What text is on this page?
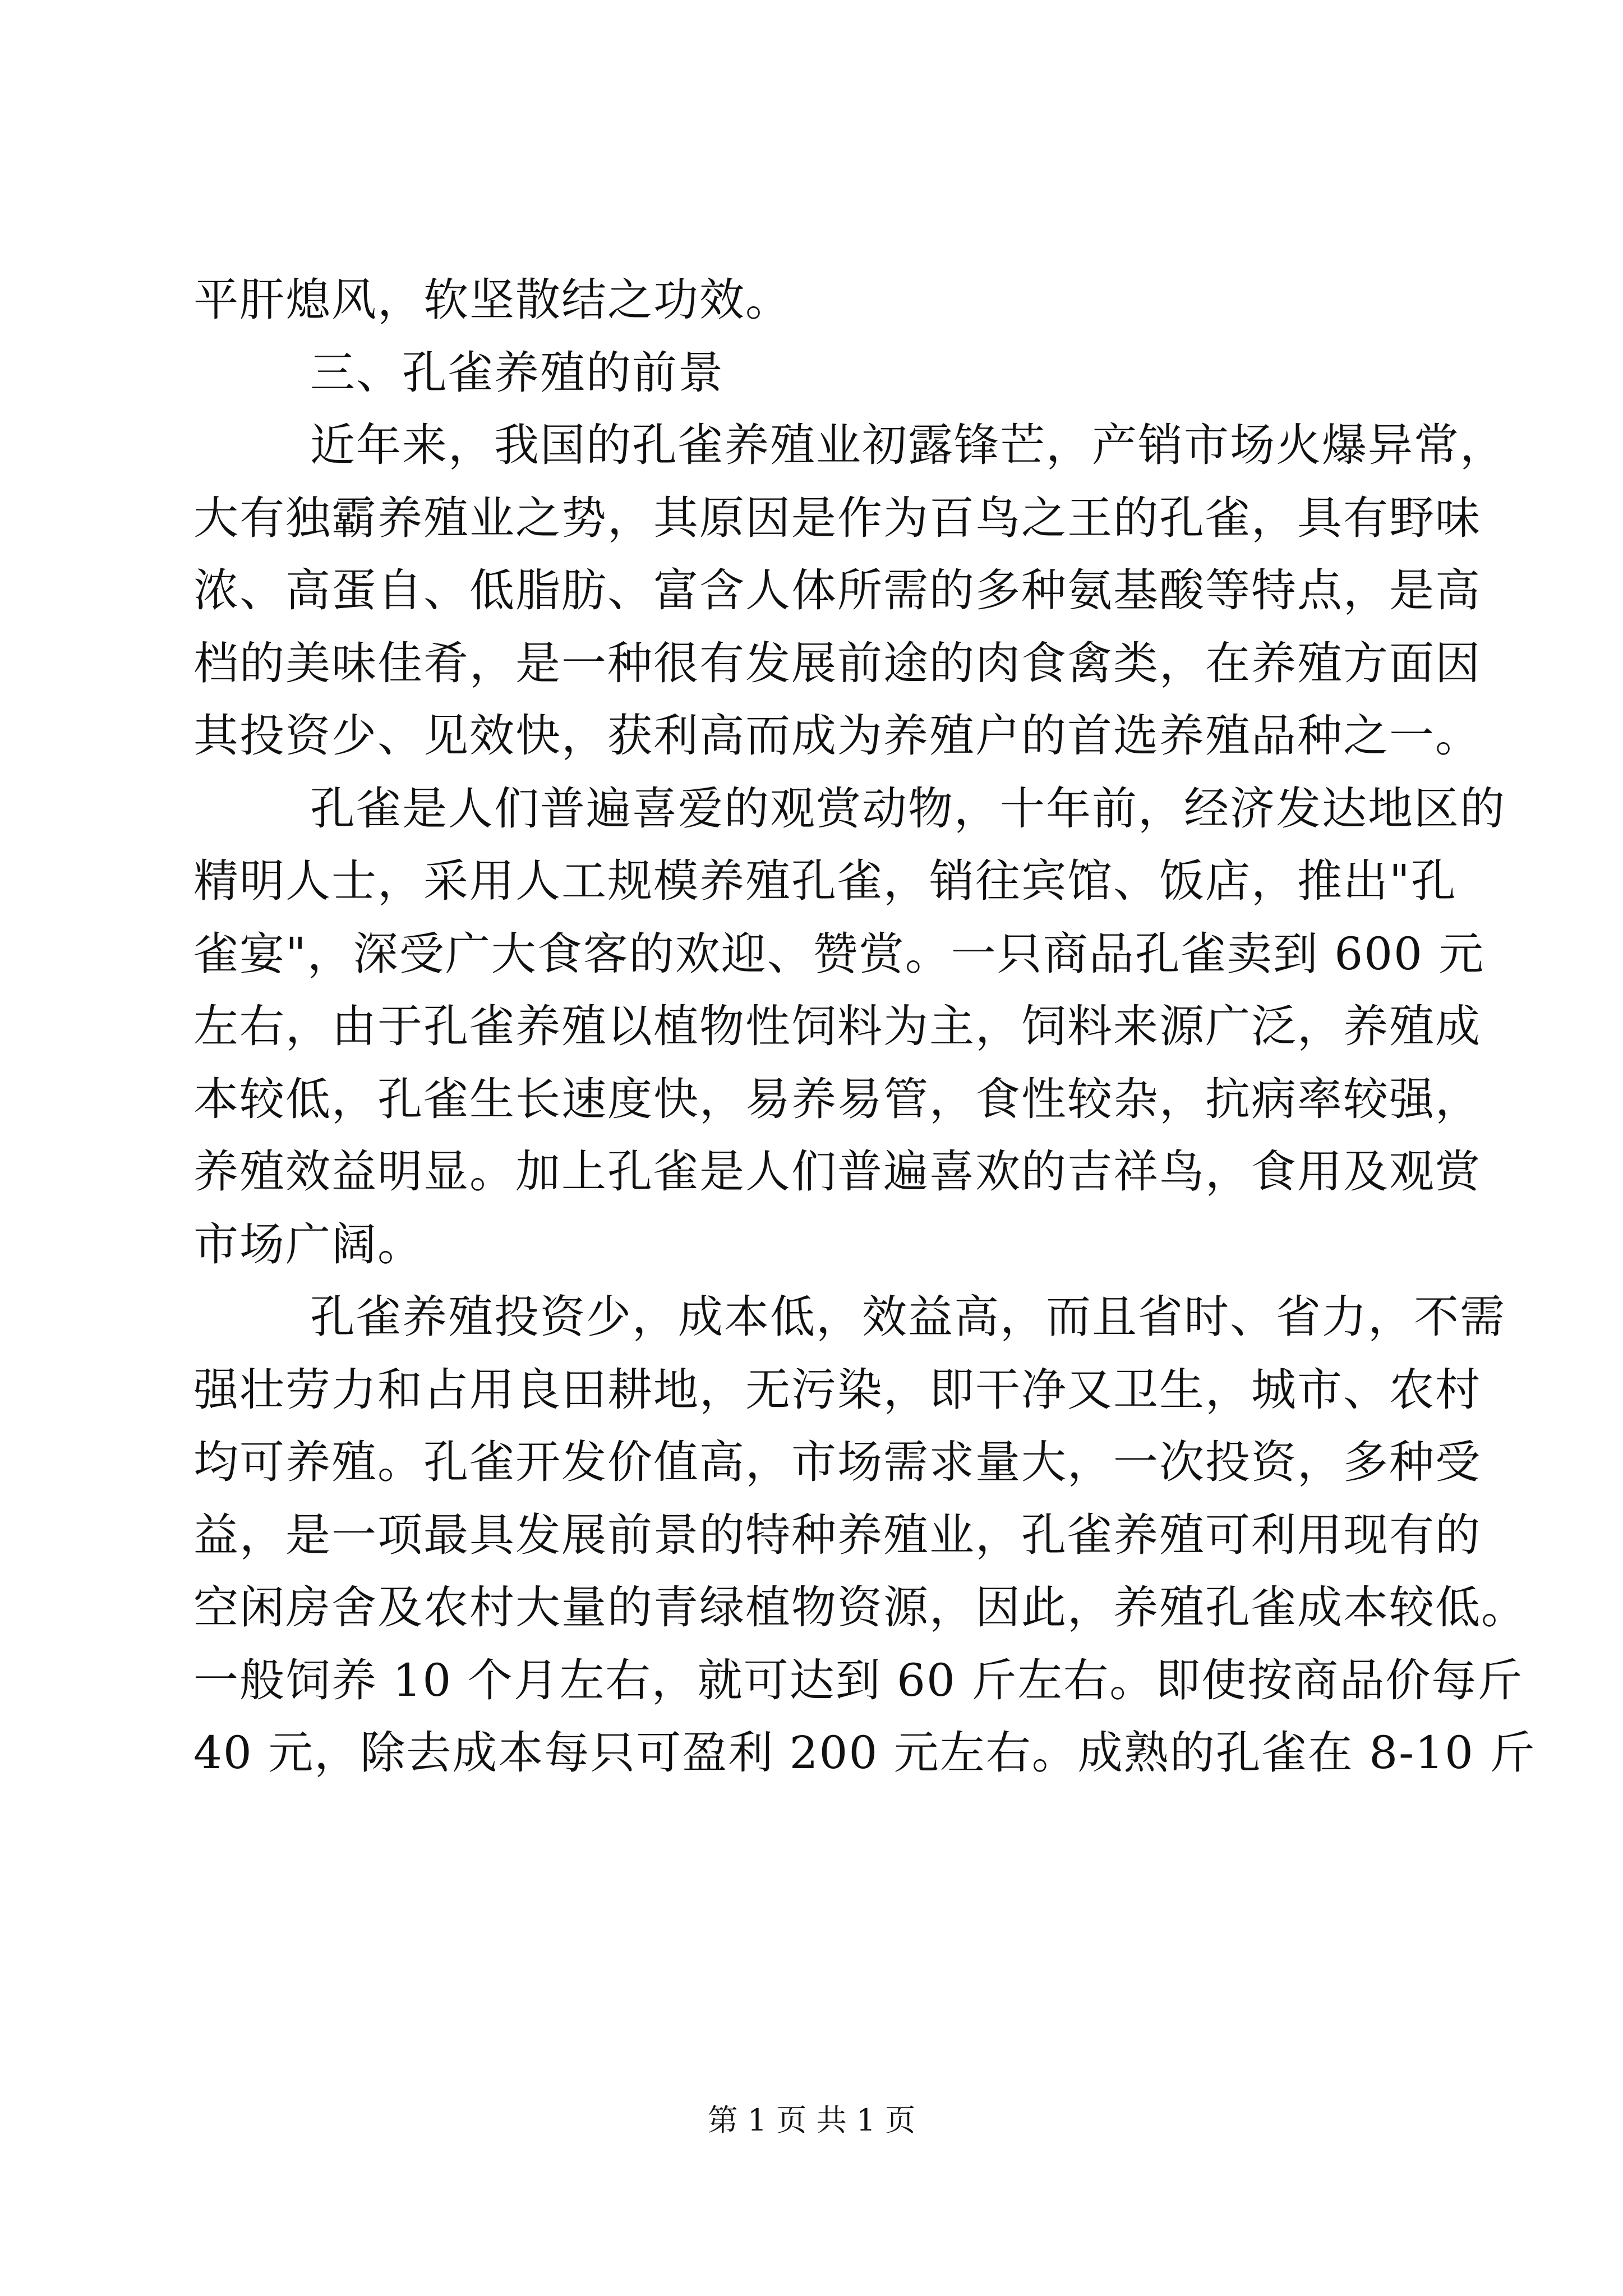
平肝熄风，软坚散结之功效。
三、孔雀养殖的前景
近年来，我国的孔雀养殖业初露锋芒，产销市场火爆异常，
大有独霸养殖业之势，其原因是作为百鸟之王的孔雀，具有野味
浓、高蛋自、低脂肪、富含人体所需的多种氨基酸等特点，是高
档的美味佳肴，是一种很有发展前途的肉食禽类，在养殖方面因
其投资少、见效快，获利高而成为养殖户的首选养殖品种之一。
孔雀是人们普遍喜爱的观赏动物，十年前，经济发达地区的
精明人士，采用人工规模养殖孔雀，销往宾馆、饭店，推出"孔
雀宴"，深受广大食客的欢迎、赞赏。一只商品孔雀卖到 600 元
左右，由于孔雀养殖以植物性饲料为主，饲料来源广泛，养殖成
本较低，孔雀生长速度快，易养易管，食性较杂，抗病率较强，
养殖效益明显。加上孔雀是人们普遍喜欢的吉祥鸟，食用及观赏
市场广阔。
孔雀养殖投资少，成本低，效益高，而且省时、省力，不需
强壮劳力和占用良田耕地，无污染，即干净又卫生，城市、农村
均可养殖。孔雀开发价值高，市场需求量大，一次投资，多种受
益，是一项最具发展前景的特种养殖业，孔雀养殖可利用现有的
空闲房舍及农村大量的青绿植物资源，因此，养殖孔雀成本较低。
一般饲养 10 个月左右，就可达到 60 斤左右。即使按商品价每斤
40 元，除去成本每只可盈利 200 元左右。成熟的孔雀在 8-10 斤
第 1 页 共 1 页
